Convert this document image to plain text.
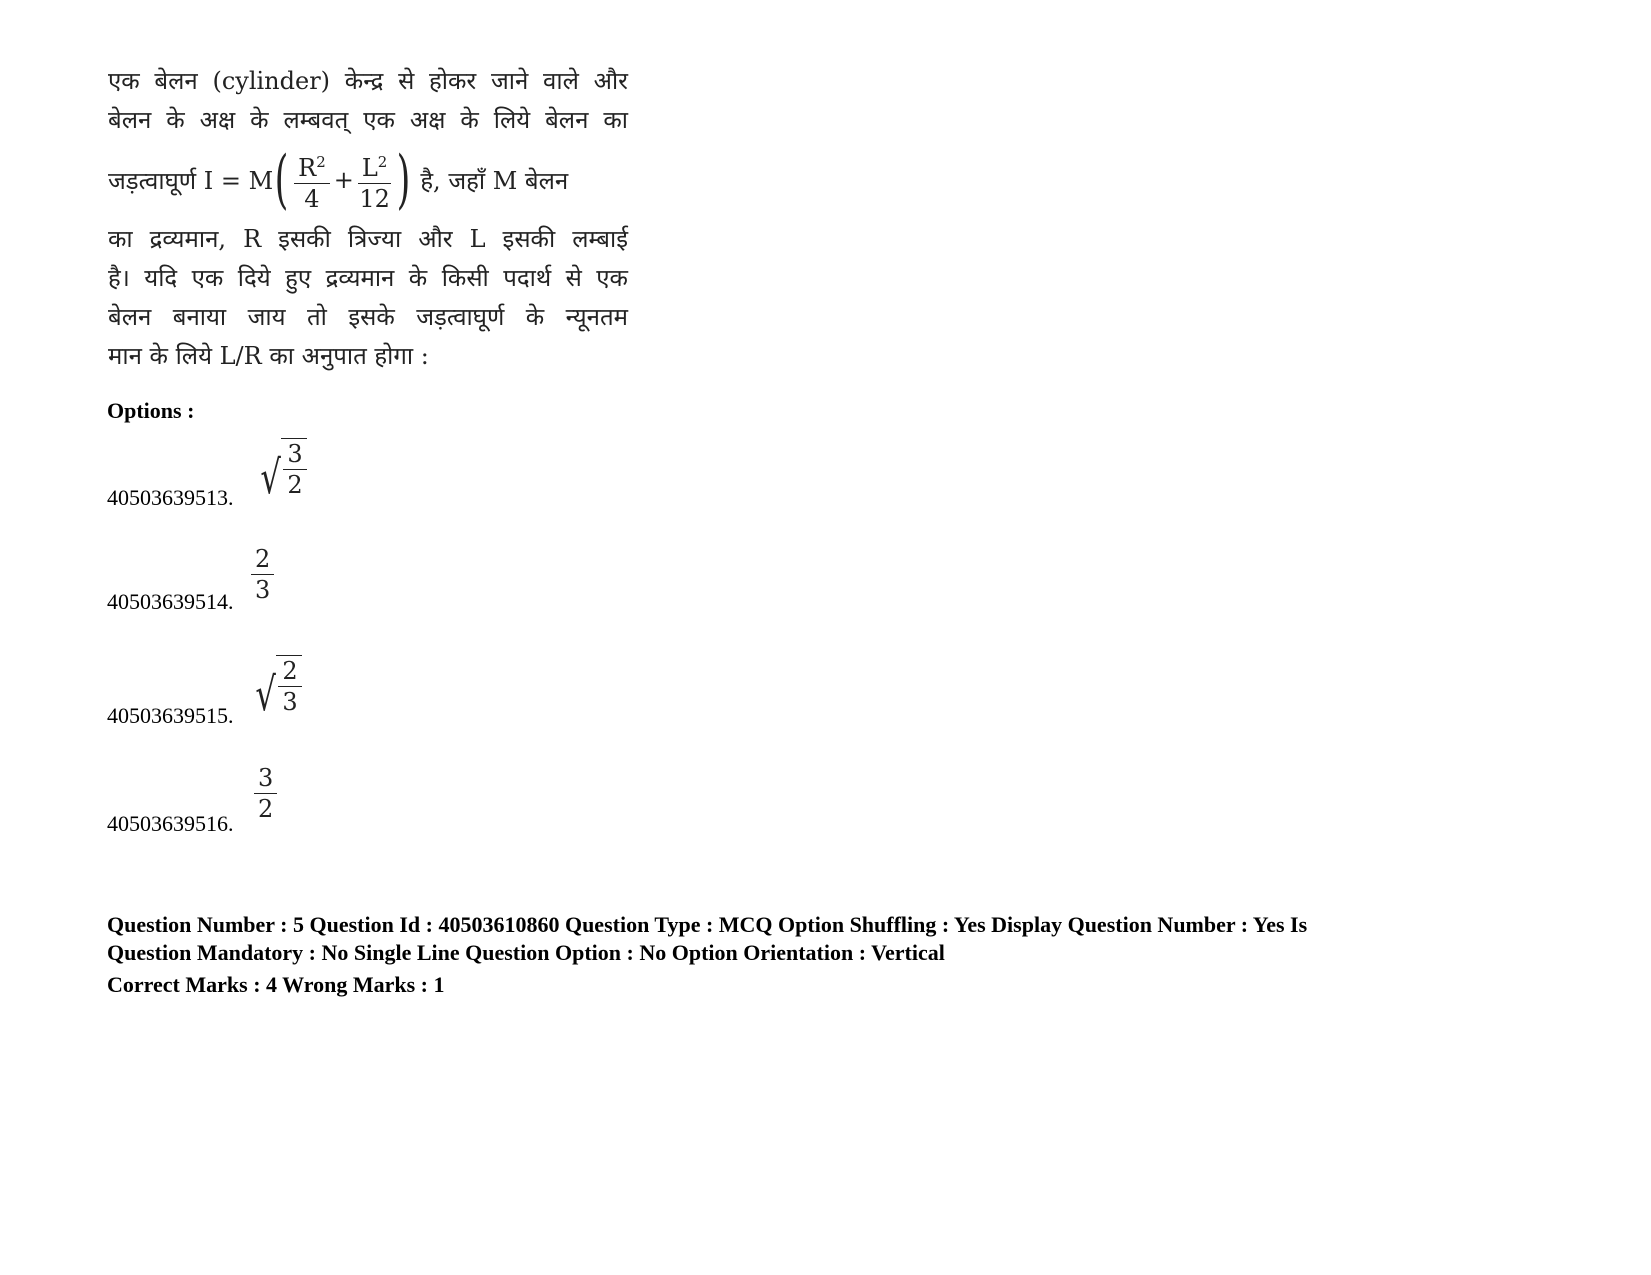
एक बेलन (cylinder) केन्द्र से होकर जाने वाले और
बेलन के अक्ष के लम्बवत् एक अक्ष के लिये बेलन का
जड़त्वाघूर्ण I = M ( $\frac{R^2}{4} + \frac{L^2}{12}$ ) है, जहाँ M बेलन
का द्रव्यमान, R इसकी त्रिज्या और L इसकी लम्बाई
है। यदि एक दिये हुए द्रव्यमान के किसी पदार्थ से एक
बेलन बनाया जाय तो इसके जड़त्वाघूर्ण के न्यूनतम
मान के लिये L/R का अनुपात होगा :
Options :
40503639513. √ $\frac{3}{2}$
40503639514. $\frac{2}{3}$
40503639515. √ $\frac{2}{3}$
40503639516. $\frac{3}{2}$
Question Number : 5 Question Id : 40503610860 Question Type : MCQ Option Shuffling : Yes Display Question Number : Yes Is
Question Mandatory : No Single Line Question Option : No Option Orientation : Vertical
Correct Marks : 4 Wrong Marks : 1
